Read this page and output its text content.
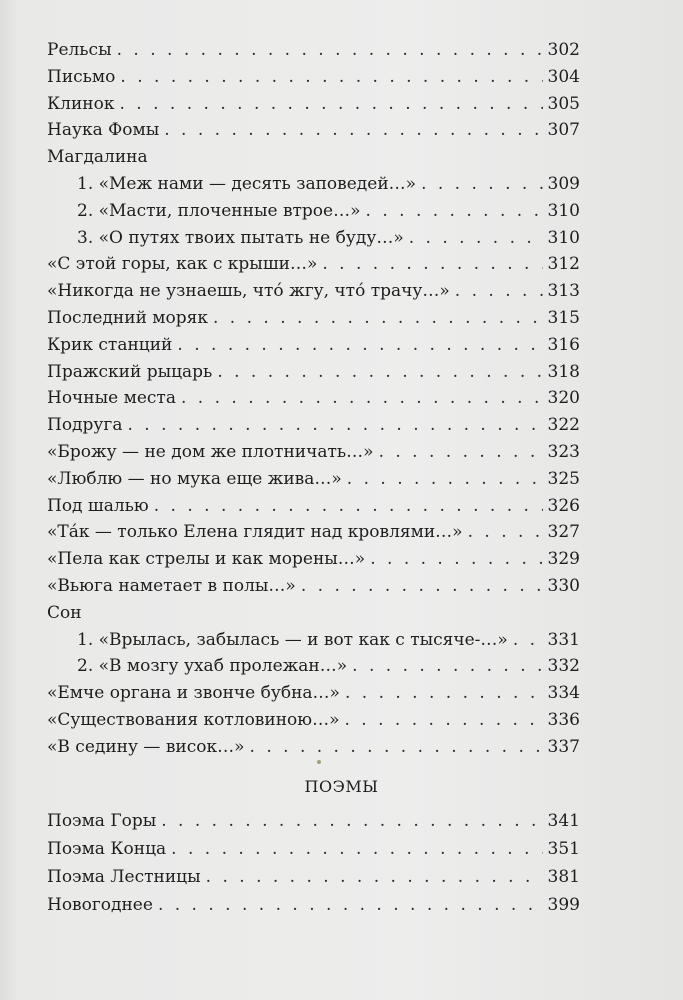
Рельсы . . .	302
Письмо . . .	304
Клинок . . .	305
Наука Фомы . . .	307
Магдалина
1. «Меж нами — десять заповедей…» . . .	309
2. «Масти, плоченные втрое…» . . .	310
3. «О путях твоих пытать не буду…» . . .	310
«С этой горы, как с крыши…» . . .	312
«Никогда не узнаешь, что́ жгу, что́ трачу…» . . .	313
Последний моряк . . .	315
Крик станций . . .	316
Пражский рыцарь . . .	318
Ночные места . . .	320
Подруга . . .	322
«Брожу — не дом же плотничать…» . . .	323
«Люблю — но мука еще жива…» . . .	325
Под шалью . . .	326
«Та́к — только Елена глядит над кровлями…» . . .	327
«Пела как стрелы и как морены…» . . .	329
«Вьюга наметает в полы…» . . .	330
Сон
1. «Врылась, забылась — и вот как с тысяче-…» . . . 331
2. «В мозгу ухаб пролежан…» . . .	332
«Емче органа и звонче бубна…» . . .	334
«Существования котловиною…» . . .	336
«В седину — висок…» . . .	337
ПОЭМЫ
Поэма Горы . . .	341
Поэма Конца . . .	351
Поэма Лестницы . . .	381
Новогоднее . . .	399
